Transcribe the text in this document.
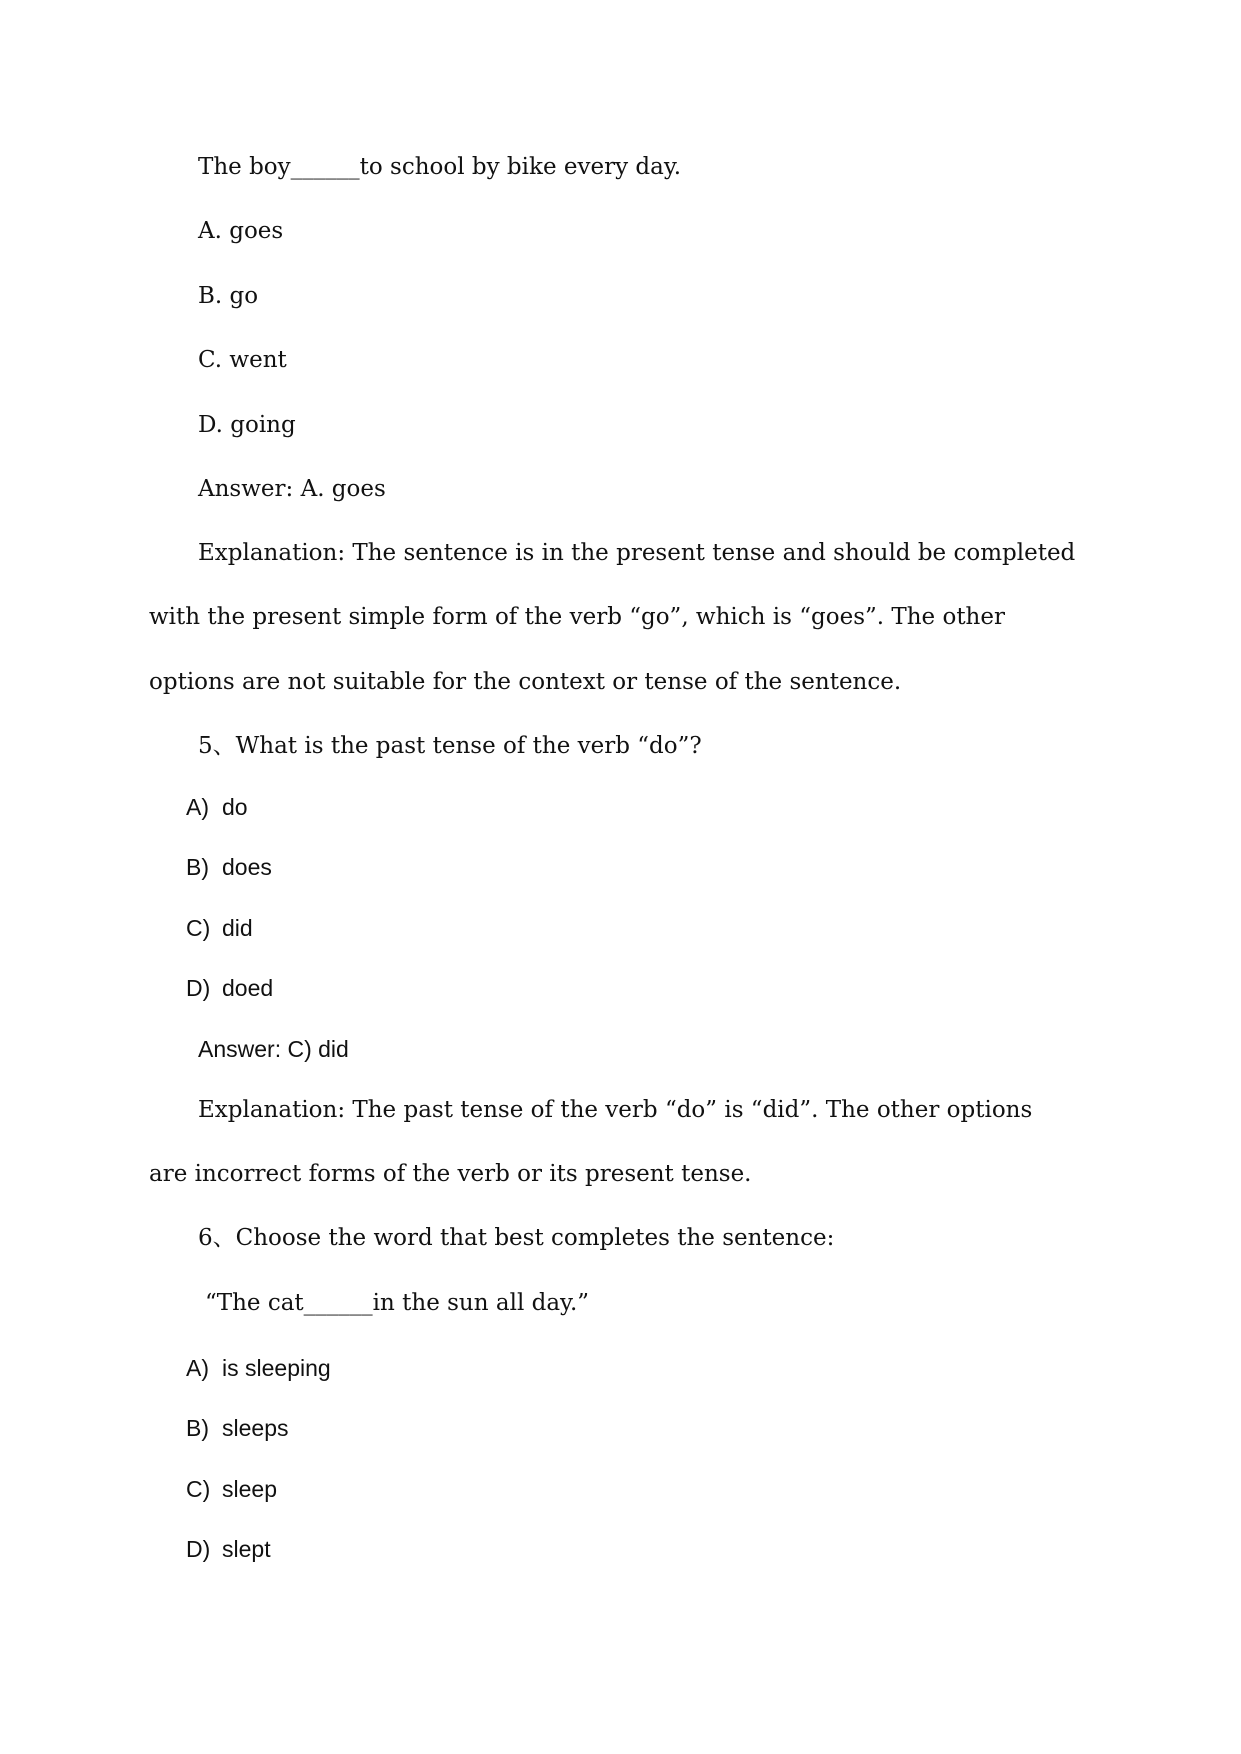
The boy______to school by bike every day.

A. goes

B. go

C. went

D. going

Answer: A. goes

Explanation: The sentence is in the present tense and should be completed

with the present simple form of the verb “go”, which is “goes”. The other

options are not suitable for the context or tense of the sentence.

5、What is the past tense of the verb “do”?

A) do

B) does

C) did

D) doed

Answer: C) did

Explanation: The past tense of the verb “do” is “did”. The other options

are incorrect forms of the verb or its present tense.

6、Choose the word that best completes the sentence:

“The cat______in the sun all day.”

A) is sleeping

B) sleeps

C) sleep

D) slept
